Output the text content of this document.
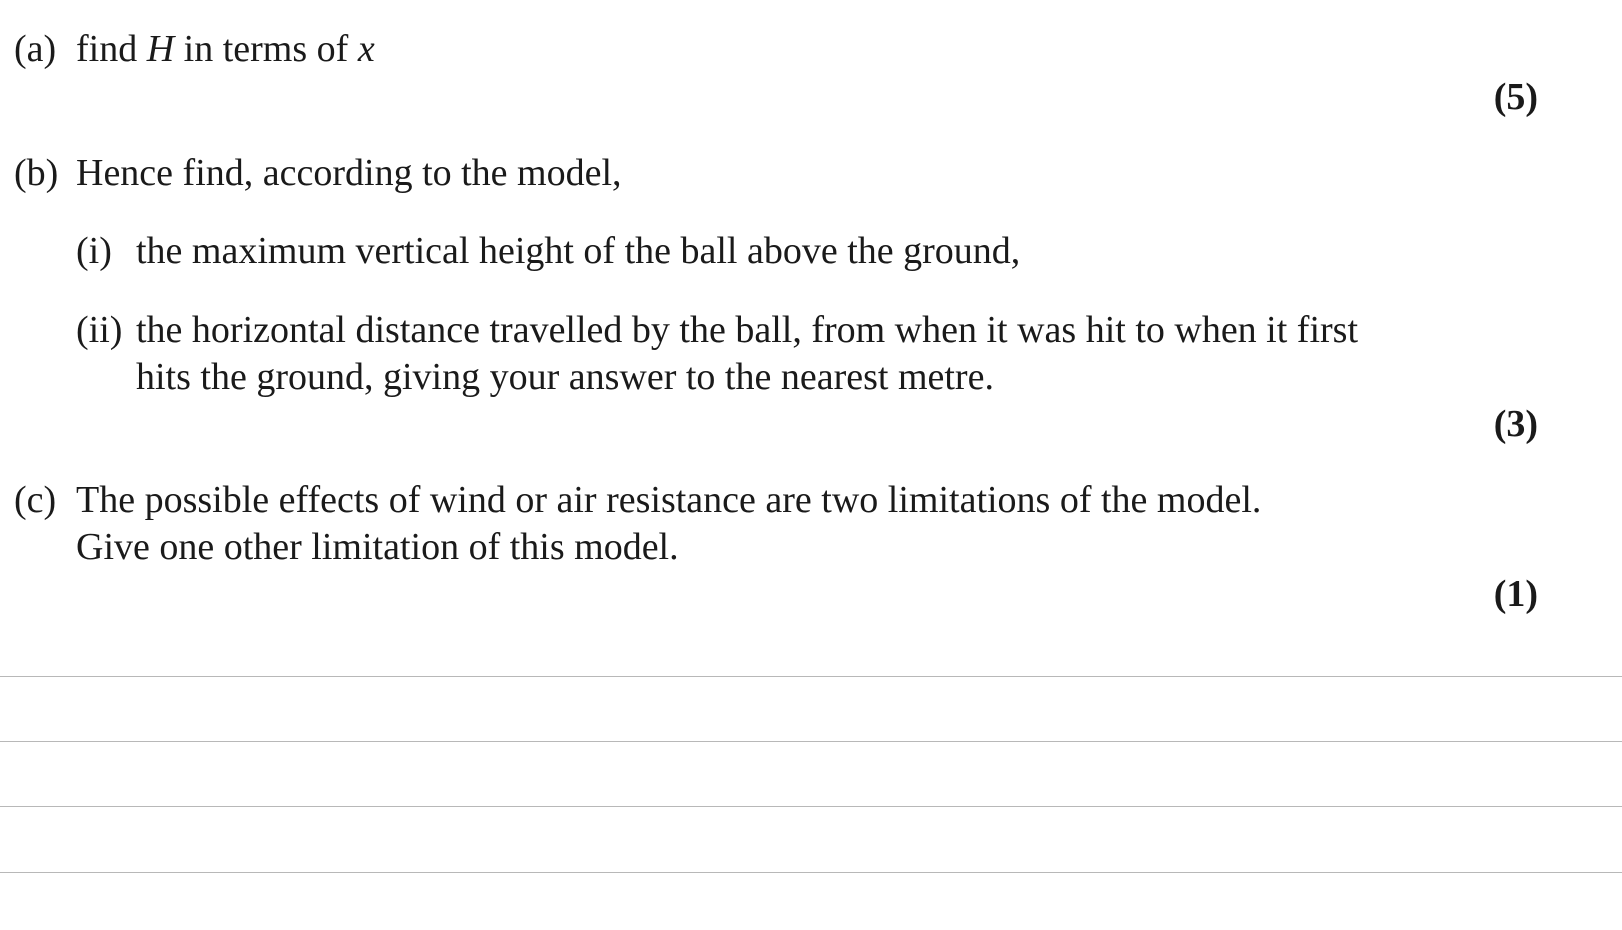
(a) find H in terms of x
(5)
(b) Hence find, according to the model,
(i) the maximum vertical height of the ball above the ground,
(ii) the horizontal distance travelled by the ball, from when it was hit to when it first
hits the ground, giving your answer to the nearest metre.
(3)
(c) The possible effects of wind or air resistance are two limitations of the model.
Give one other limitation of this model.
(1)
